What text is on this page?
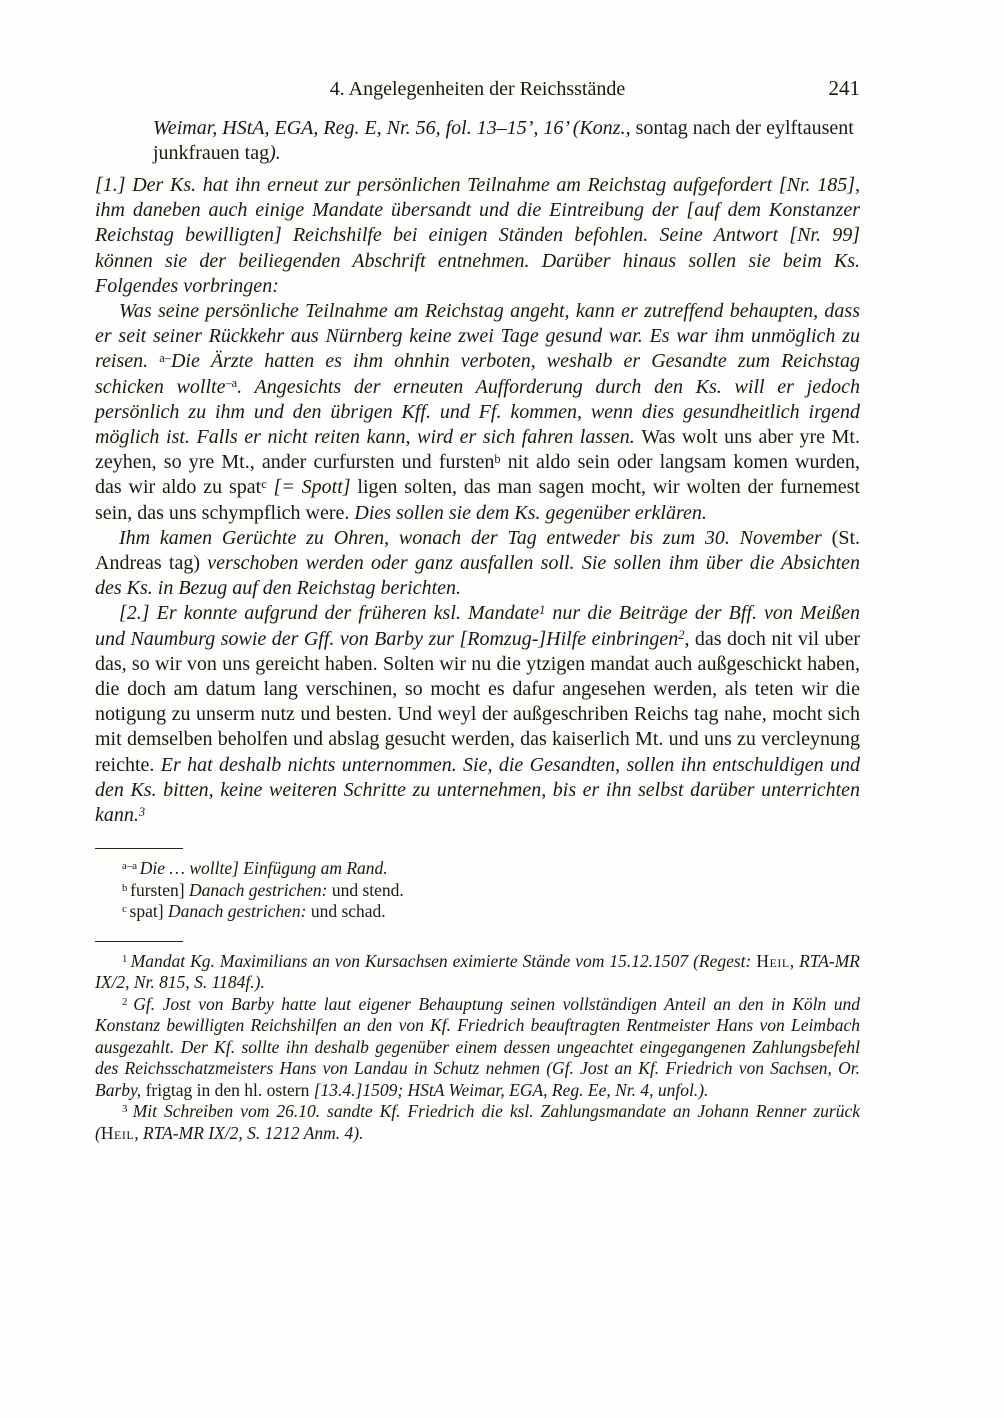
4. Angelegenheiten der Reichsstände	241
Weimar, HStA, EGA, Reg. E, Nr. 56, fol. 13–15’, 16’ (Konz., sontag nach der eylftausent junkfrauen tag).
[1.] Der Ks. hat ihn erneut zur persönlichen Teilnahme am Reichstag aufgefordert [Nr. 185], ihm daneben auch einige Mandate übersandt und die Eintreibung der [auf dem Konstanzer Reichstag bewilligten] Reichshilfe bei einigen Ständen befohlen. Seine Antwort [Nr. 99] können sie der beiliegenden Abschrift entnehmen. Darüber hinaus sollen sie beim Ks. Folgendes vorbringen:
Was seine persönliche Teilnahme am Reichstag angeht, kann er zutreffend behaupten, dass er seit seiner Rückkehr aus Nürnberg keine zwei Tage gesund war. Es war ihm unmöglich zu reisen. $^{a-}$Die Ärzte hatten es ihm ohnhin verboten, weshalb er Gesandte zum Reichstag schicken wollte$^{-a}$. Angesichts der erneuten Aufforderung durch den Ks. will er jedoch persönlich zu ihm und den übrigen Kff. und Ff. kommen, wenn dies gesundheitlich irgend möglich ist. Falls er nicht reiten kann, wird er sich fahren lassen. Was wolt uns aber yre Mt. zeyhen, so yre Mt., ander curfursten und fursten$^b$ nit aldo sein oder langsam komen wurden, das wir aldo zu spat$^c$ [= Spott] ligen solten, das man sagen mocht, wir wolten der furnemest sein, das uns schympflich were. Dies sollen sie dem Ks. gegenüber erklären.
Ihm kamen Gerüchte zu Ohren, wonach der Tag entweder bis zum 30. November (St. Andreas tag) verschoben werden oder ganz ausfallen soll. Sie sollen ihm über die Absichten des Ks. in Bezug auf den Reichstag berichten.
[2.] Er konnte aufgrund der früheren ksl. Mandate$^1$ nur die Beiträge der Bff. von Meißen und Naumburg sowie der Gff. von Barby zur [Romzug-]Hilfe einbringen$^2$, das doch nit vil uber das, so wir von uns gereicht haben. Solten wir nu die ytzigen mandat auch außgeschickt haben, die doch am datum lang verschinen, so mocht es dafur angesehen werden, als teten wir die notigung zu unserm nutz und besten. Und weyl der außgeschriben Reichs tag nahe, mocht sich mit demselben beholfen und abslag gesucht werden, das kaiserlich Mt. und uns zu vercleynung reichte. Er hat deshalb nichts unternommen. Sie, die Gesandten, sollen ihn entschuldigen und den Ks. bitten, keine weiteren Schritte zu unternehmen, bis er ihn selbst darüber unterrichten kann.$^3$
$^{a-a}$ Die … wollte] Einfügung am Rand.
$^b$ fursten] Danach gestrichen: und stend.
$^c$ spat] Danach gestrichen: und schad.
$^1$ Mandat Kg. Maximilians an von Kursachsen eximierte Stände vom 15.12.1507 (Regest: Heil, RTA-MR IX/2, Nr. 815, S. 1184f.).
$^2$ Gf. Jost von Barby hatte laut eigener Behauptung seinen vollständigen Anteil an den in Köln und Konstanz bewilligten Reichshilfen an den von Kf. Friedrich beauftragten Rentmeister Hans von Leimbach ausgezahlt. Der Kf. sollte ihn deshalb gegenüber einem dessen ungeachtet eingegangenen Zahlungsbefehl des Reichsschatzmeisters Hans von Landau in Schutz nehmen (Gf. Jost an Kf. Friedrich von Sachsen, Or. Barby, frigtag in den hl. ostern [13.4.]1509; HStA Weimar, EGA, Reg. Ee, Nr. 4, unfol.).
$^3$ Mit Schreiben vom 26.10. sandte Kf. Friedrich die ksl. Zahlungsmandate an Johann Renner zurück (Heil, RTA-MR IX/2, S. 1212 Anm. 4).
